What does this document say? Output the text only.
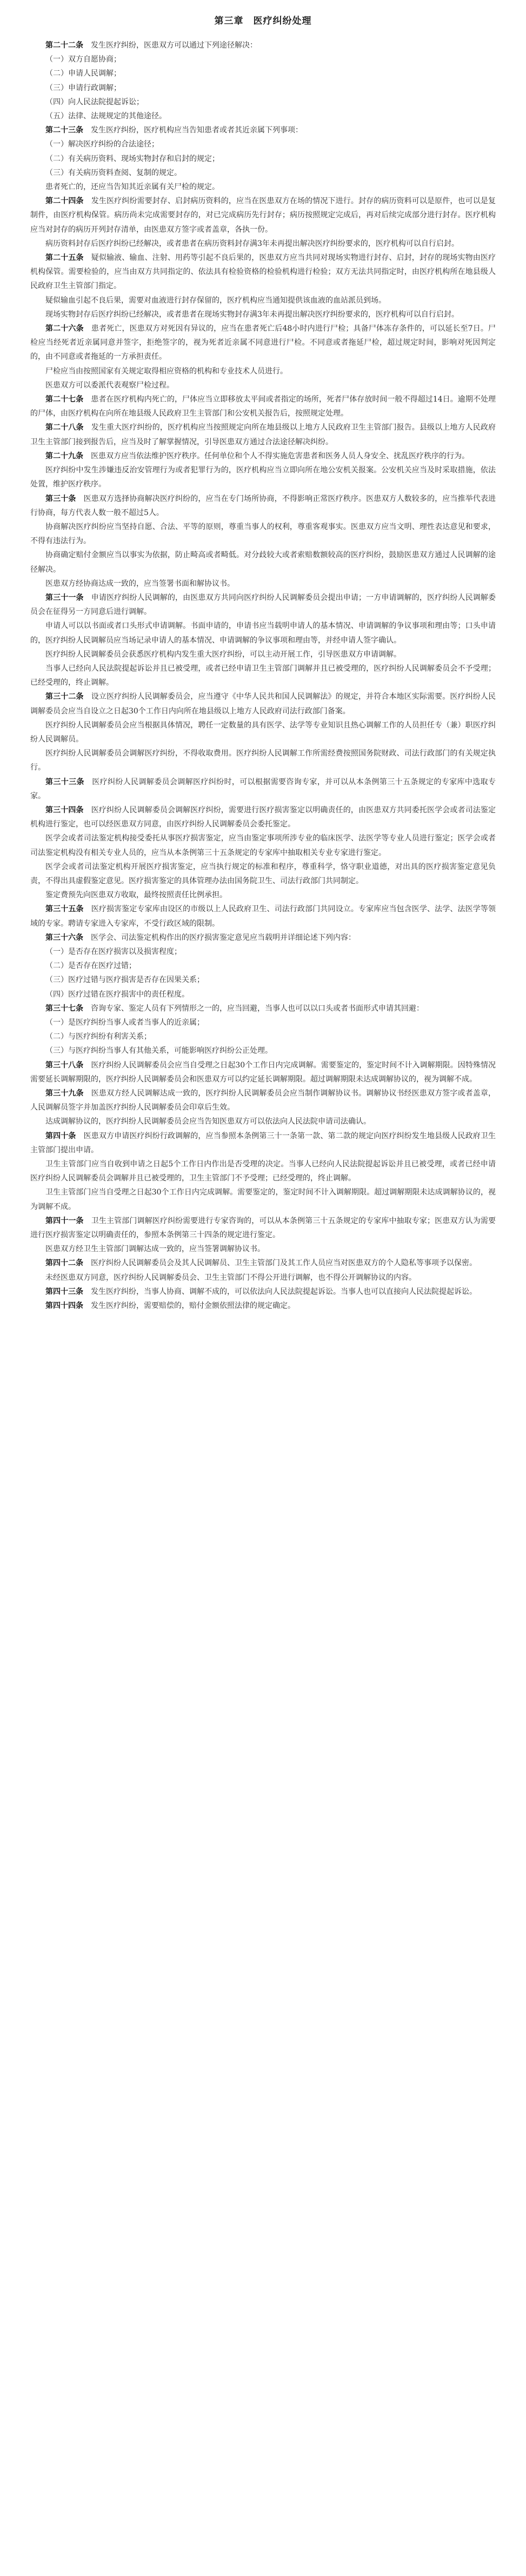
第三章　医疗纠纷处理

第二十二条　 发生医疗纠纷，医患双方可以通过下列途径解决：

（一）双方自愿协商；

（二）申请人民调解；

（三）申请行政调解；

（四）向人民法院提起诉讼；

（五）法律、法规规定的其他途径。

第二十三条　 发生医疗纠纷，医疗机构应当告知患者或者其近亲属下列事项：

（一）解决医疗纠纷的合法途径；

（二）有关病历资料、现场实物封存和启封的规定；

（三）有关病历资料查阅、复制的规定。

患者死亡的，还应当告知其近亲属有关尸检的规定。

第二十四条　 发生医疗纠纷需要封存、启封病历资料的，应当在医患双方在场的情况下进行。封存的病历资料可以是原件，也可以是复制件，由医疗机构保管。病历尚未完成需要封存的，对已完成病历先行封存；病历按照规定完成后，再对后续完成部分进行封存。医疗机构应当对封存的病历开列封存清单，由医患双方签字或者盖章，各执一份。

病历资料封存后医疗纠纷已经解决，或者患者在病历资料封存满3年未再提出解决医疗纠纷要求的，医疗机构可以自行启封。

第二十五条　 疑似输液、输血、注射、用药等引起不良后果的，医患双方应当共同对现场实物进行封存、启封，封存的现场实物由医疗机构保管。需要检验的，应当由双方共同指定的、依法具有检验资格的检验机构进行检验；双方无法共同指定时，由医疗机构所在地县级人民政府卫生主管部门指定。

疑似输血引起不良后果，需要对血液进行封存保留的，医疗机构应当通知提供该血液的血站派员到场。

现场实物封存后医疗纠纷已经解决，或者患者在现场实物封存满3年未再提出解决医疗纠纷要求的，医疗机构可以自行启封。

第二十六条　 患者死亡，医患双方对死因有异议的，应当在患者死亡后48小时内进行尸检；具备尸体冻存条件的，可以延长至7日。尸检应当经死者近亲属同意并签字，拒绝签字的，视为死者近亲属不同意进行尸检。不同意或者拖延尸检，超过规定时间，影响对死因判定的，由不同意或者拖延的一方承担责任。

尸检应当由按照国家有关规定取得相应资格的机构和专业技术人员进行。

医患双方可以委派代表观察尸检过程。

第二十七条　 患者在医疗机构内死亡的，尸体应当立即移放太平间或者指定的场所，死者尸体存放时间一般不得超过14日。逾期不处理的尸体，由医疗机构在向所在地县级人民政府卫生主管部门和公安机关报告后，按照规定处理。

第二十八条　 发生重大医疗纠纷的，医疗机构应当按照规定向所在地县级以上地方人民政府卫生主管部门报告。县级以上地方人民政府卫生主管部门接到报告后，应当及时了解掌握情况，引导医患双方通过合法途径解决纠纷。

第二十九条　 医患双方应当依法维护医疗秩序。任何单位和个人不得实施危害患者和医务人员人身安全、扰乱医疗秩序的行为。

医疗纠纷中发生涉嫌违反治安管理行为或者犯罪行为的，医疗机构应当立即向所在地公安机关报案。公安机关应当及时采取措施，依法处置，维护医疗秩序。

第三十条　 医患双方选择协商解决医疗纠纷的，应当在专门场所协商，不得影响正常医疗秩序。医患双方人数较多的，应当推举代表进行协商，每方代表人数一般不超过5人。

协商解决医疗纠纷应当坚持自愿、合法、平等的原则，尊重当事人的权利，尊重客观事实。医患双方应当文明、理性表达意见和要求，不得有违法行为。

协商确定赔付金额应当以事实为依据，防止畸高或者畸低。对分歧较大或者索赔数额较高的医疗纠纷，鼓励医患双方通过人民调解的途径解决。

医患双方经协商达成一致的，应当签署书面和解协议书。

第三十一条　 申请医疗纠纷人民调解的，由医患双方共同向医疗纠纷人民调解委员会提出申请；一方申请调解的，医疗纠纷人民调解委员会在征得另一方同意后进行调解。

申请人可以以书面或者口头形式申请调解。书面申请的，申请书应当载明申请人的基本情况、申请调解的争议事项和理由等；口头申请的，医疗纠纷人民调解员应当场记录申请人的基本情况、申请调解的争议事项和理由等，并经申请人签字确认。

医疗纠纷人民调解委员会获悉医疗机构内发生重大医疗纠纷，可以主动开展工作，引导医患双方申请调解。

当事人已经向人民法院提起诉讼并且已被受理，或者已经申请卫生主管部门调解并且已被受理的，医疗纠纷人民调解委员会不予受理；已经受理的，终止调解。

第三十二条　 设立医疗纠纷人民调解委员会，应当遵守《中华人民共和国人民调解法》的规定，并符合本地区实际需要。医疗纠纷人民调解委员会应当自设立之日起30个工作日内向所在地县级以上地方人民政府司法行政部门备案。

医疗纠纷人民调解委员会应当根据具体情况，聘任一定数量的具有医学、法学等专业知识且热心调解工作的人员担任专（兼）职医疗纠纷人民调解员。

医疗纠纷人民调解委员会调解医疗纠纷，不得收取费用。医疗纠纷人民调解工作所需经费按照国务院财政、司法行政部门的有关规定执行。

第三十三条　 医疗纠纷人民调解委员会调解医疗纠纷时，可以根据需要咨询专家，并可以从本条例第三十五条规定的专家库中选取专家。

第三十四条　 医疗纠纷人民调解委员会调解医疗纠纷，需要进行医疗损害鉴定以明确责任的，由医患双方共同委托医学会或者司法鉴定机构进行鉴定，也可以经医患双方同意，由医疗纠纷人民调解委员会委托鉴定。

医学会或者司法鉴定机构接受委托从事医疗损害鉴定，应当由鉴定事项所涉专业的临床医学、法医学等专业人员进行鉴定；医学会或者司法鉴定机构没有相关专业人员的，应当从本条例第三十五条规定的专家库中抽取相关专业专家进行鉴定。

医学会或者司法鉴定机构开展医疗损害鉴定，应当执行规定的标准和程序，尊重科学，恪守职业道德，对出具的医疗损害鉴定意见负责，不得出具虚假鉴定意见。医疗损害鉴定的具体管理办法由国务院卫生、司法行政部门共同制定。

鉴定费预先向医患双方收取，最终按照责任比例承担。

第三十五条　 医疗损害鉴定专家库由设区的市级以上人民政府卫生、司法行政部门共同设立。专家库应当包含医学、法学、法医学等领域的专家。聘请专家进入专家库，不受行政区域的限制。

第三十六条　 医学会、司法鉴定机构作出的医疗损害鉴定意见应当载明并详细论述下列内容：

（一）是否存在医疗损害以及损害程度；

（二）是否存在医疗过错；

（三）医疗过错与医疗损害是否存在因果关系；

（四）医疗过错在医疗损害中的责任程度。

第三十七条　 咨询专家、鉴定人员有下列情形之一的，应当回避，当事人也可以以口头或者书面形式申请其回避：

（一）是医疗纠纷当事人或者当事人的近亲属；

（二）与医疗纠纷有利害关系；

（三）与医疗纠纷当事人有其他关系，可能影响医疗纠纷公正处理。

第三十八条　 医疗纠纷人民调解委员会应当自受理之日起30个工作日内完成调解。需要鉴定的，鉴定时间不计入调解期限。因特殊情况需要延长调解期限的，医疗纠纷人民调解委员会和医患双方可以约定延长调解期限。超过调解期限未达成调解协议的，视为调解不成。

第三十九条　 医患双方经人民调解达成一致的，医疗纠纷人民调解委员会应当制作调解协议书。调解协议书经医患双方签字或者盖章，人民调解员签字并加盖医疗纠纷人民调解委员会印章后生效。

达成调解协议的，医疗纠纷人民调解委员会应当告知医患双方可以依法向人民法院申请司法确认。

第四十条　 医患双方申请医疗纠纷行政调解的，应当参照本条例第三十一条第一款、第二款的规定向医疗纠纷发生地县级人民政府卫生主管部门提出申请。

卫生主管部门应当自收到申请之日起5个工作日内作出是否受理的决定。当事人已经向人民法院提起诉讼并且已被受理，或者已经申请医疗纠纷人民调解委员会调解并且已被受理的，卫生主管部门不予受理；已经受理的，终止调解。

卫生主管部门应当自受理之日起30个工作日内完成调解。需要鉴定的，鉴定时间不计入调解期限。超过调解期限未达成调解协议的，视为调解不成。

第四十一条　 卫生主管部门调解医疗纠纷需要进行专家咨询的，可以从本条例第三十五条规定的专家库中抽取专家；医患双方认为需要进行医疗损害鉴定以明确责任的，参照本条例第三十四条的规定进行鉴定。

医患双方经卫生主管部门调解达成一致的，应当签署调解协议书。

第四十二条　 医疗纠纷人民调解委员会及其人民调解员、卫生主管部门及其工作人员应当对医患双方的个人隐私等事项予以保密。

未经医患双方同意，医疗纠纷人民调解委员会、卫生主管部门不得公开进行调解，也不得公开调解协议的内容。

第四十三条　 发生医疗纠纷，当事人协商、调解不成的，可以依法向人民法院提起诉讼。当事人也可以直接向人民法院提起诉讼。

第四十四条　 发生医疗纠纷，需要赔偿的，赔付金额依照法律的规定确定。
